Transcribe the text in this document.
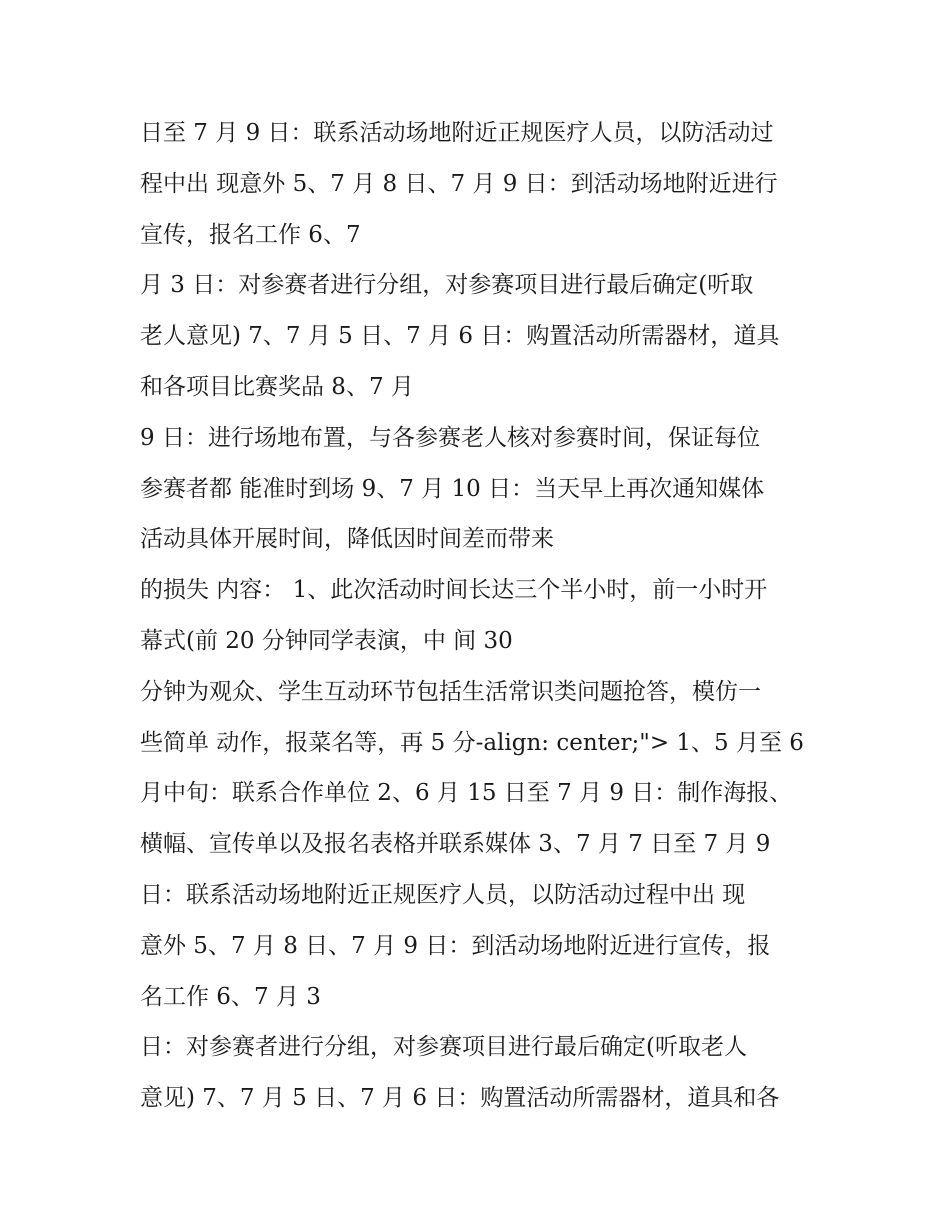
日至 7 月 9 日：联系活动场地附近正规医疗人员，以防活动过
程中出 现意外 5、7 月 8 日、7 月 9 日：到活动场地附近进行
宣传，报名工作 6、7
月 3 日：对参赛者进行分组，对参赛项目进行最后确定(听取
老人意见) 7、7 月 5 日、7 月 6 日：购置活动所需器材，道具
和各项目比赛奖品 8、7 月
9 日：进行场地布置，与各参赛老人核对参赛时间，保证每位
参赛者都 能准时到场 9、7 月 10 日：当天早上再次通知媒体
活动具体开展时间，降低因时间差而带来
的损失 内容： 1、此次活动时间长达三个半小时，前一小时开
幕式(前 20 分钟同学表演，中 间 30
分钟为观众、学生互动环节包括生活常识类问题抢答，模仿一
些简单 动作，报菜名等，再 5 分-align: center;"> 1、5 月至 6
月中旬：联系合作单位 2、6 月 15 日至 7 月 9 日：制作海报、
横幅、宣传单以及报名表格并联系媒体 3、7 月 7 日至 7 月 9
日：联系活动场地附近正规医疗人员，以防活动过程中出 现
意外 5、7 月 8 日、7 月 9 日：到活动场地附近进行宣传，报
名工作 6、7 月 3
日：对参赛者进行分组，对参赛项目进行最后确定(听取老人
意见) 7、7 月 5 日、7 月 6 日：购置活动所需器材，道具和各
